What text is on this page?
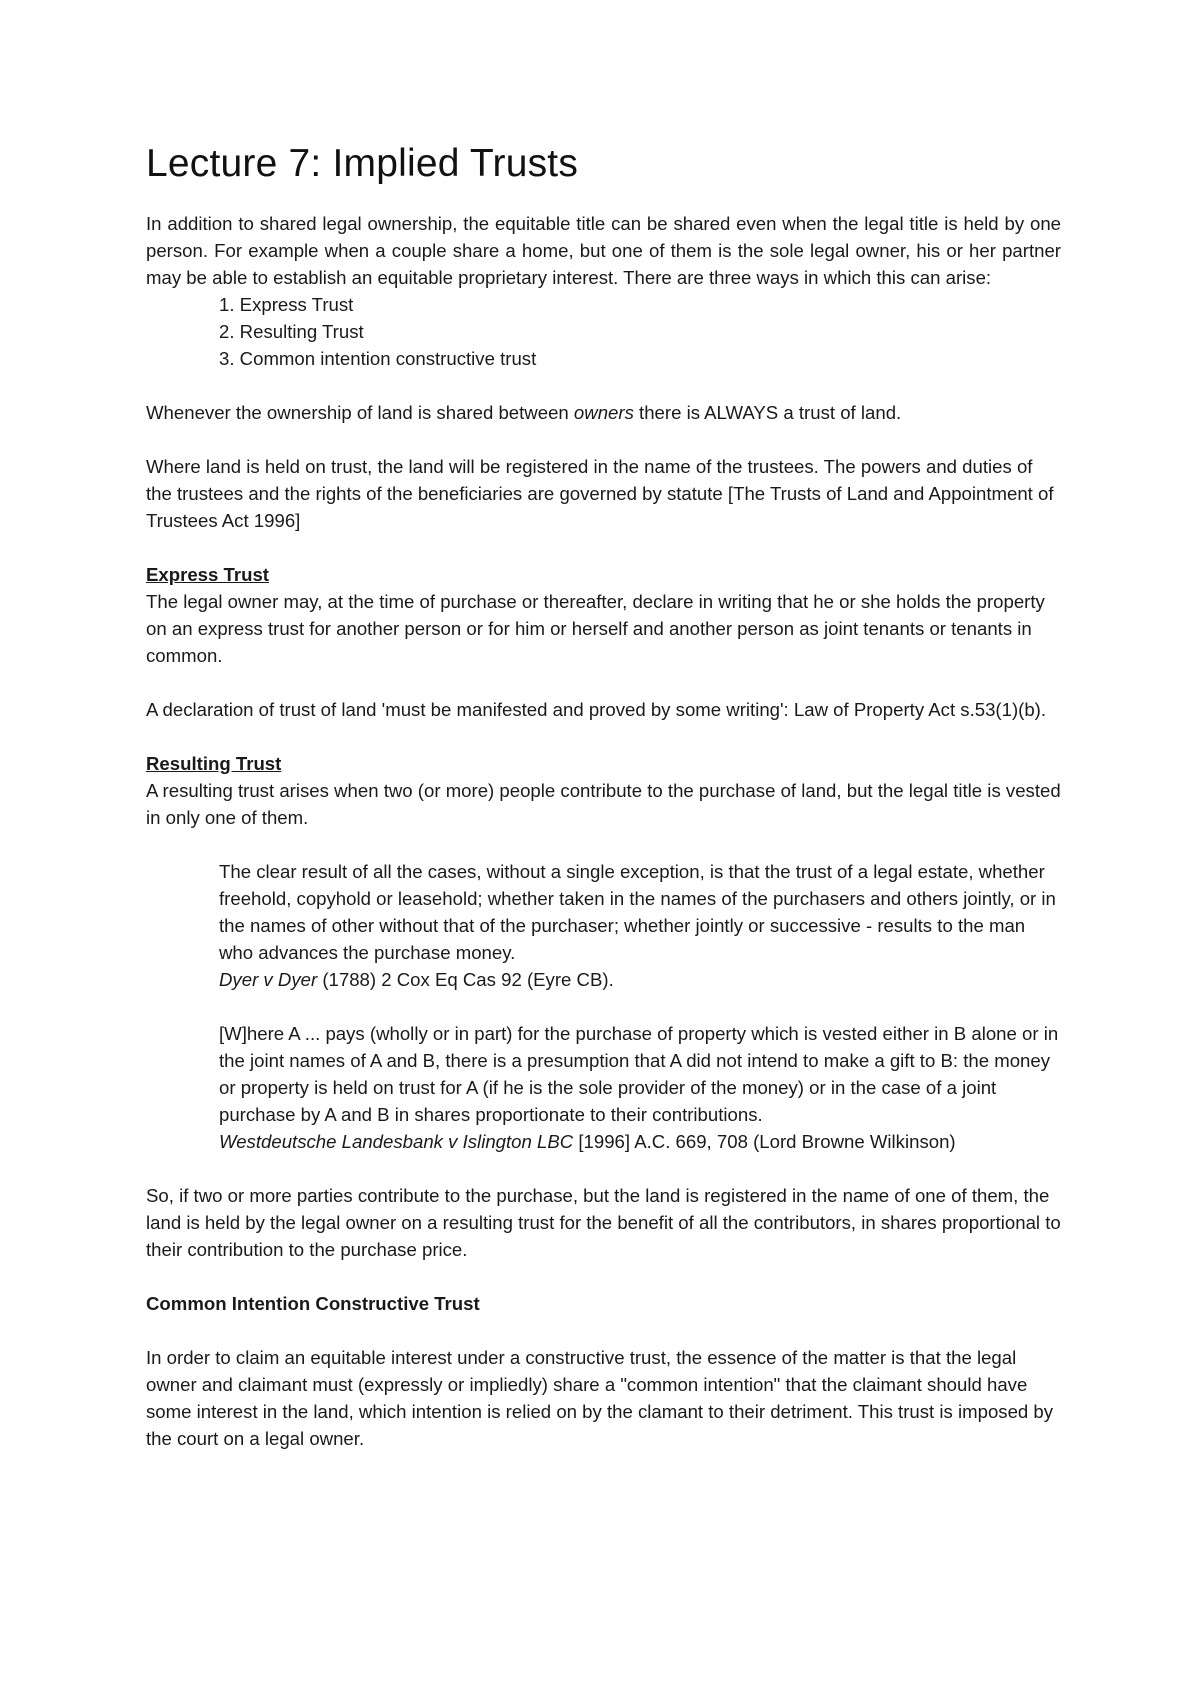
Lecture 7: Implied Trusts

In addition to shared legal ownership, the equitable title can be shared even when the legal title is held by one person. For example when a couple share a home, but one of them is the sole legal owner, his or her partner may be able to establish an equitable proprietary interest. There are three ways in which this can arise:

1. Express Trust
2. Resulting Trust
3. Common intention constructive trust

Whenever the ownership of land is shared between owners there is ALWAYS a trust of land.

Where land is held on trust, the land will be registered in the name of the trustees. The powers and duties of the trustees and the rights of the beneficiaries are governed by statute [The Trusts of Land and Appointment of Trustees Act 1996]

Express Trust

The legal owner may, at the time of purchase or thereafter, declare in writing that he or she holds the property on an express trust for another person or for him or herself and another person as joint tenants or tenants in common.

A declaration of trust of land 'must be manifested and proved by some writing': Law of Property Act s.53(1)(b).

Resulting Trust

A resulting trust arises when two (or more) people contribute to the purchase of land, but the legal title is vested in only one of them.

The clear result of all the cases, without a single exception, is that the trust of a legal estate, whether freehold, copyhold or leasehold; whether taken in the names of the purchasers and others jointly, or in the names of other without that of the purchaser; whether jointly or successive - results to the man who advances the purchase money.

Dyer v Dyer (1788) 2 Cox Eq Cas 92 (Eyre CB).

[W]here A ... pays (wholly or in part) for the purchase of property which is vested either in B alone or in the joint names of A and B, there is a presumption that A did not intend to make a gift to B: the money or property is held on trust for A (if he is the sole provider of the money) or in the case of a joint purchase by A and B in shares proportionate to their contributions.

Westdeutsche Landesbank v Islington LBC [1996] A.C. 669, 708 (Lord Browne Wilkinson)

So, if two or more parties contribute to the purchase, but the land is registered in the name of one of them, the land is held by the legal owner on a resulting trust for the benefit of all the contributors, in shares proportional to their contribution to the purchase price.

Common Intention Constructive Trust

In order to claim an equitable interest under a constructive trust, the essence of the matter is that the legal owner and claimant must (expressly or impliedly) share a "common intention" that the claimant should have some interest in the land, which intention is relied on by the clamant to their detriment. This trust is imposed by the court on a legal owner.
